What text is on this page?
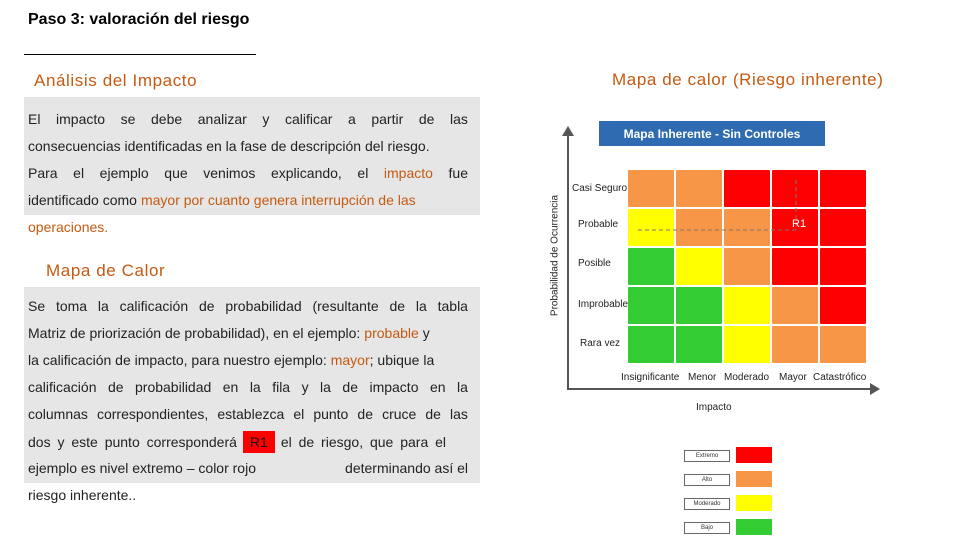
Paso 3: valoración del riesgo
Análisis del Impacto
El impacto se debe analizar y calificar a partir de las
consecuencias identificadas en la fase de descripción del riesgo.
Para el ejemplo que venimos explicando, el impacto fue
identificado como mayor por cuanto genera interrupción de las
operaciones.
Mapa de Calor
Se toma la calificación de probabilidad (resultante de la tabla
Matriz de priorización de probabilidad), en el ejemplo: probable y
la calificación de impacto, para nuestro ejemplo:
mayor ; ubique la
calificación de probabilidad en la fila y la de impacto en la
columnas correspondientes, establezca el punto de cruce de las
dos y este punto corresponderá R1 el de riesgo, que para el
ejemplo es nivel extremo – color rojo	determinando así el
riesgo inherente..
Mapa de calor (Riesgo inherente)
Mapa Inherente - Sin Controles
Probabilidad de Ocurrencia
Impacto
Casi Seguro
Probable
Posible
Improbable
Rara vez
Insignificante Menor Moderado Mayor Catastrófico
R1
Extremo
Alto
Moderado
Bajo
